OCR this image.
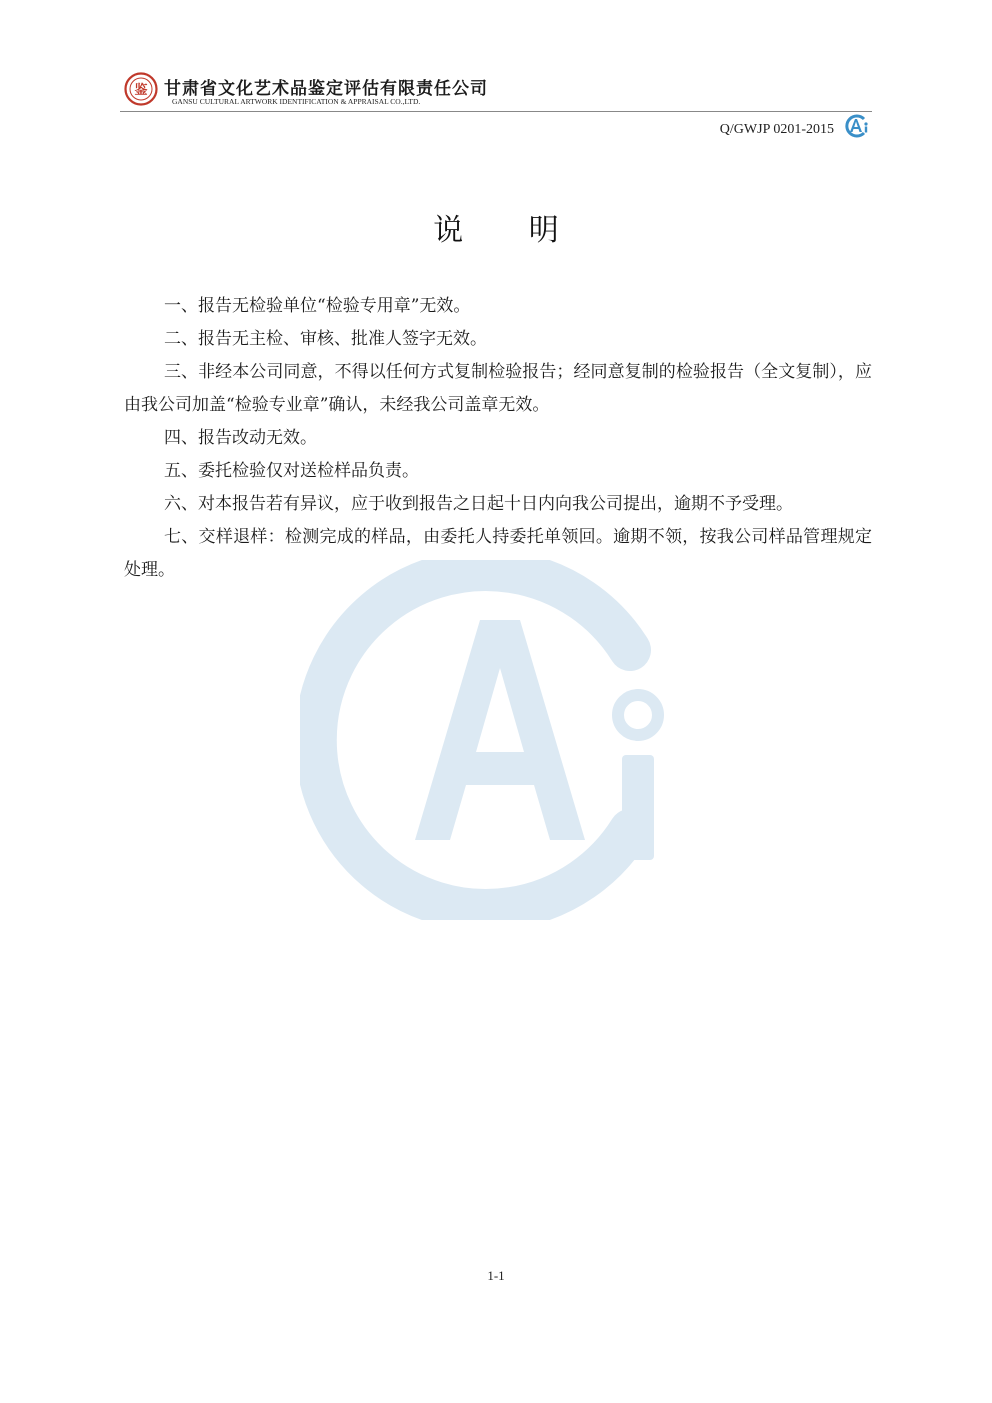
鉴 甘肃省文化艺术品鉴定评估有限责任公司
GANSU CULTURAL ARTWORK IDENTIFICATION & APPRAISAL CO.,LTD.
Q/GWJP 0201-2015
说 明

一、报告无检验单位“检验专用章”无效。

二、报告无主检、审核、批准人签字无效。

三、非经本公司同意，不得以任何方式复制检验报告；经同意复制的检验报告（全文复制），应由我公司加盖“检验专业章”确认，未经我公司盖章无效。

四、报告改动无效。

五、委托检验仅对送检样品负责。

六、对本报告若有异议，应于收到报告之日起十日内向我公司提出，逾期不予受理。

七、交样退样：检测完成的样品，由委托人持委托单领回。逾期不领，按我公司样品管理规定处理。

1-1
